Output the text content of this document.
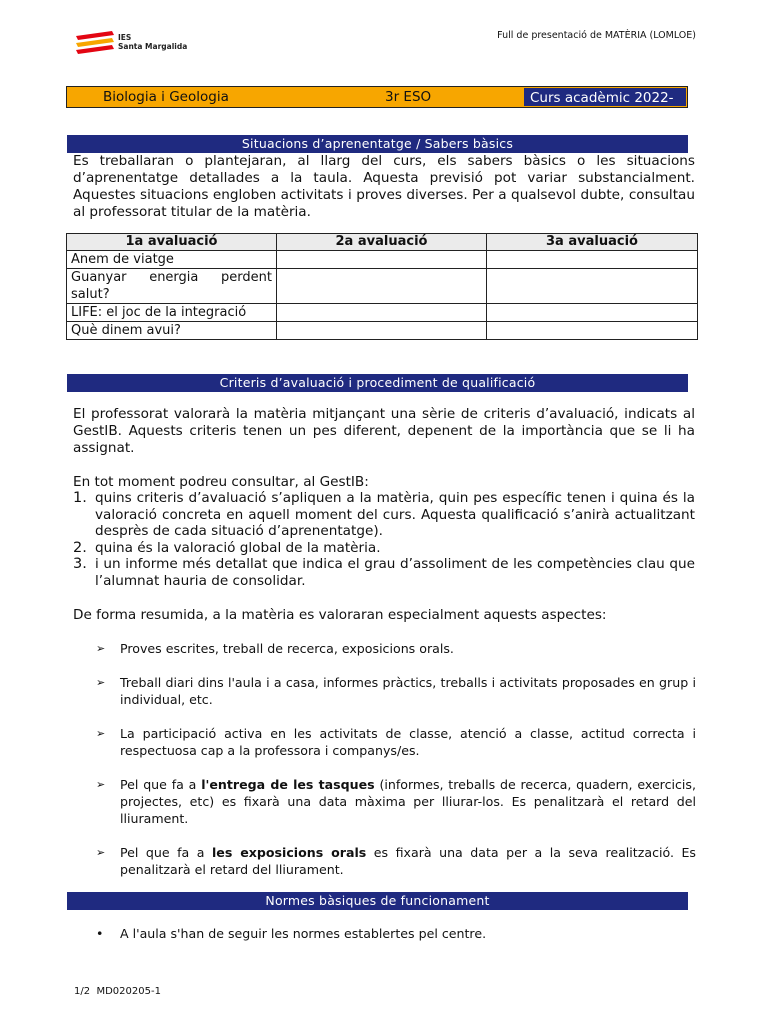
IES
Santa Margalida
Full de presentació de MATÈRIA (LOMLOE)
Biologia i Geologia	3r ESO	Curs acadèmic 2022-2023
Situacions d’aprenentatge / Sabers bàsics
Es treballaran o plantejaran, al llarg del curs, els sabers bàsics o les situacions d’aprenentatge detallades a la taula. Aquesta previsió pot variar substancialment. Aquestes situacions engloben activitats i proves diverses. Per a qualsevol dubte, consultau al professorat titular de la matèria.
1a avaluació	2a avaluació	3a avaluació
Anem de viatge		
Guanyar energia perdent salut?		
LIFE: el joc de la integració		
Què dinem avui?		
Criteris d’avaluació i procediment de qualificació
El professorat valorarà la matèria mitjançant una sèrie de criteris d’avaluació, indicats al GestIB. Aquests criteris tenen un pes diferent, depenent de la importància que se li ha assignat.
En tot moment podreu consultar, al GestIB:
1. quins criteris d’avaluació s’apliquen a la matèria, quin pes específic tenen i quina és la valoració concreta en aquell moment del curs. Aquesta qualificació s’anirà actualitzant desprès de cada situació d’aprenentatge).
2. quina és la valoració global de la matèria.
3. i un informe més detallat que indica el grau d’assoliment de les competències clau que l’alumnat hauria de consolidar.
De forma resumida, a la matèria es valoraran especialment aquests aspectes:
➢ Proves escrites, treball de recerca, exposicions orals.
➢ Treball diari dins l'aula i a casa, informes pràctics, treballs i activitats proposades en grup i individual, etc.
➢ La participació activa en les activitats de classe, atenció a classe, actitud correcta i respectuosa cap a la professora i companys/es.
➢ Pel que fa a l'entrega de les tasques (informes, treballs de recerca, quadern, exercicis, projectes, etc) es fixarà una data màxima per lliurar-los. Es penalitzarà el retard del lliurament.
➢ Pel que fa a les exposicions orals es fixarà una data per a la seva realització. Es penalitzarà el retard del lliurament.
Normes bàsiques de funcionament
• A l'aula s'han de seguir les normes establertes pel centre.
1/2 MD020205-1
